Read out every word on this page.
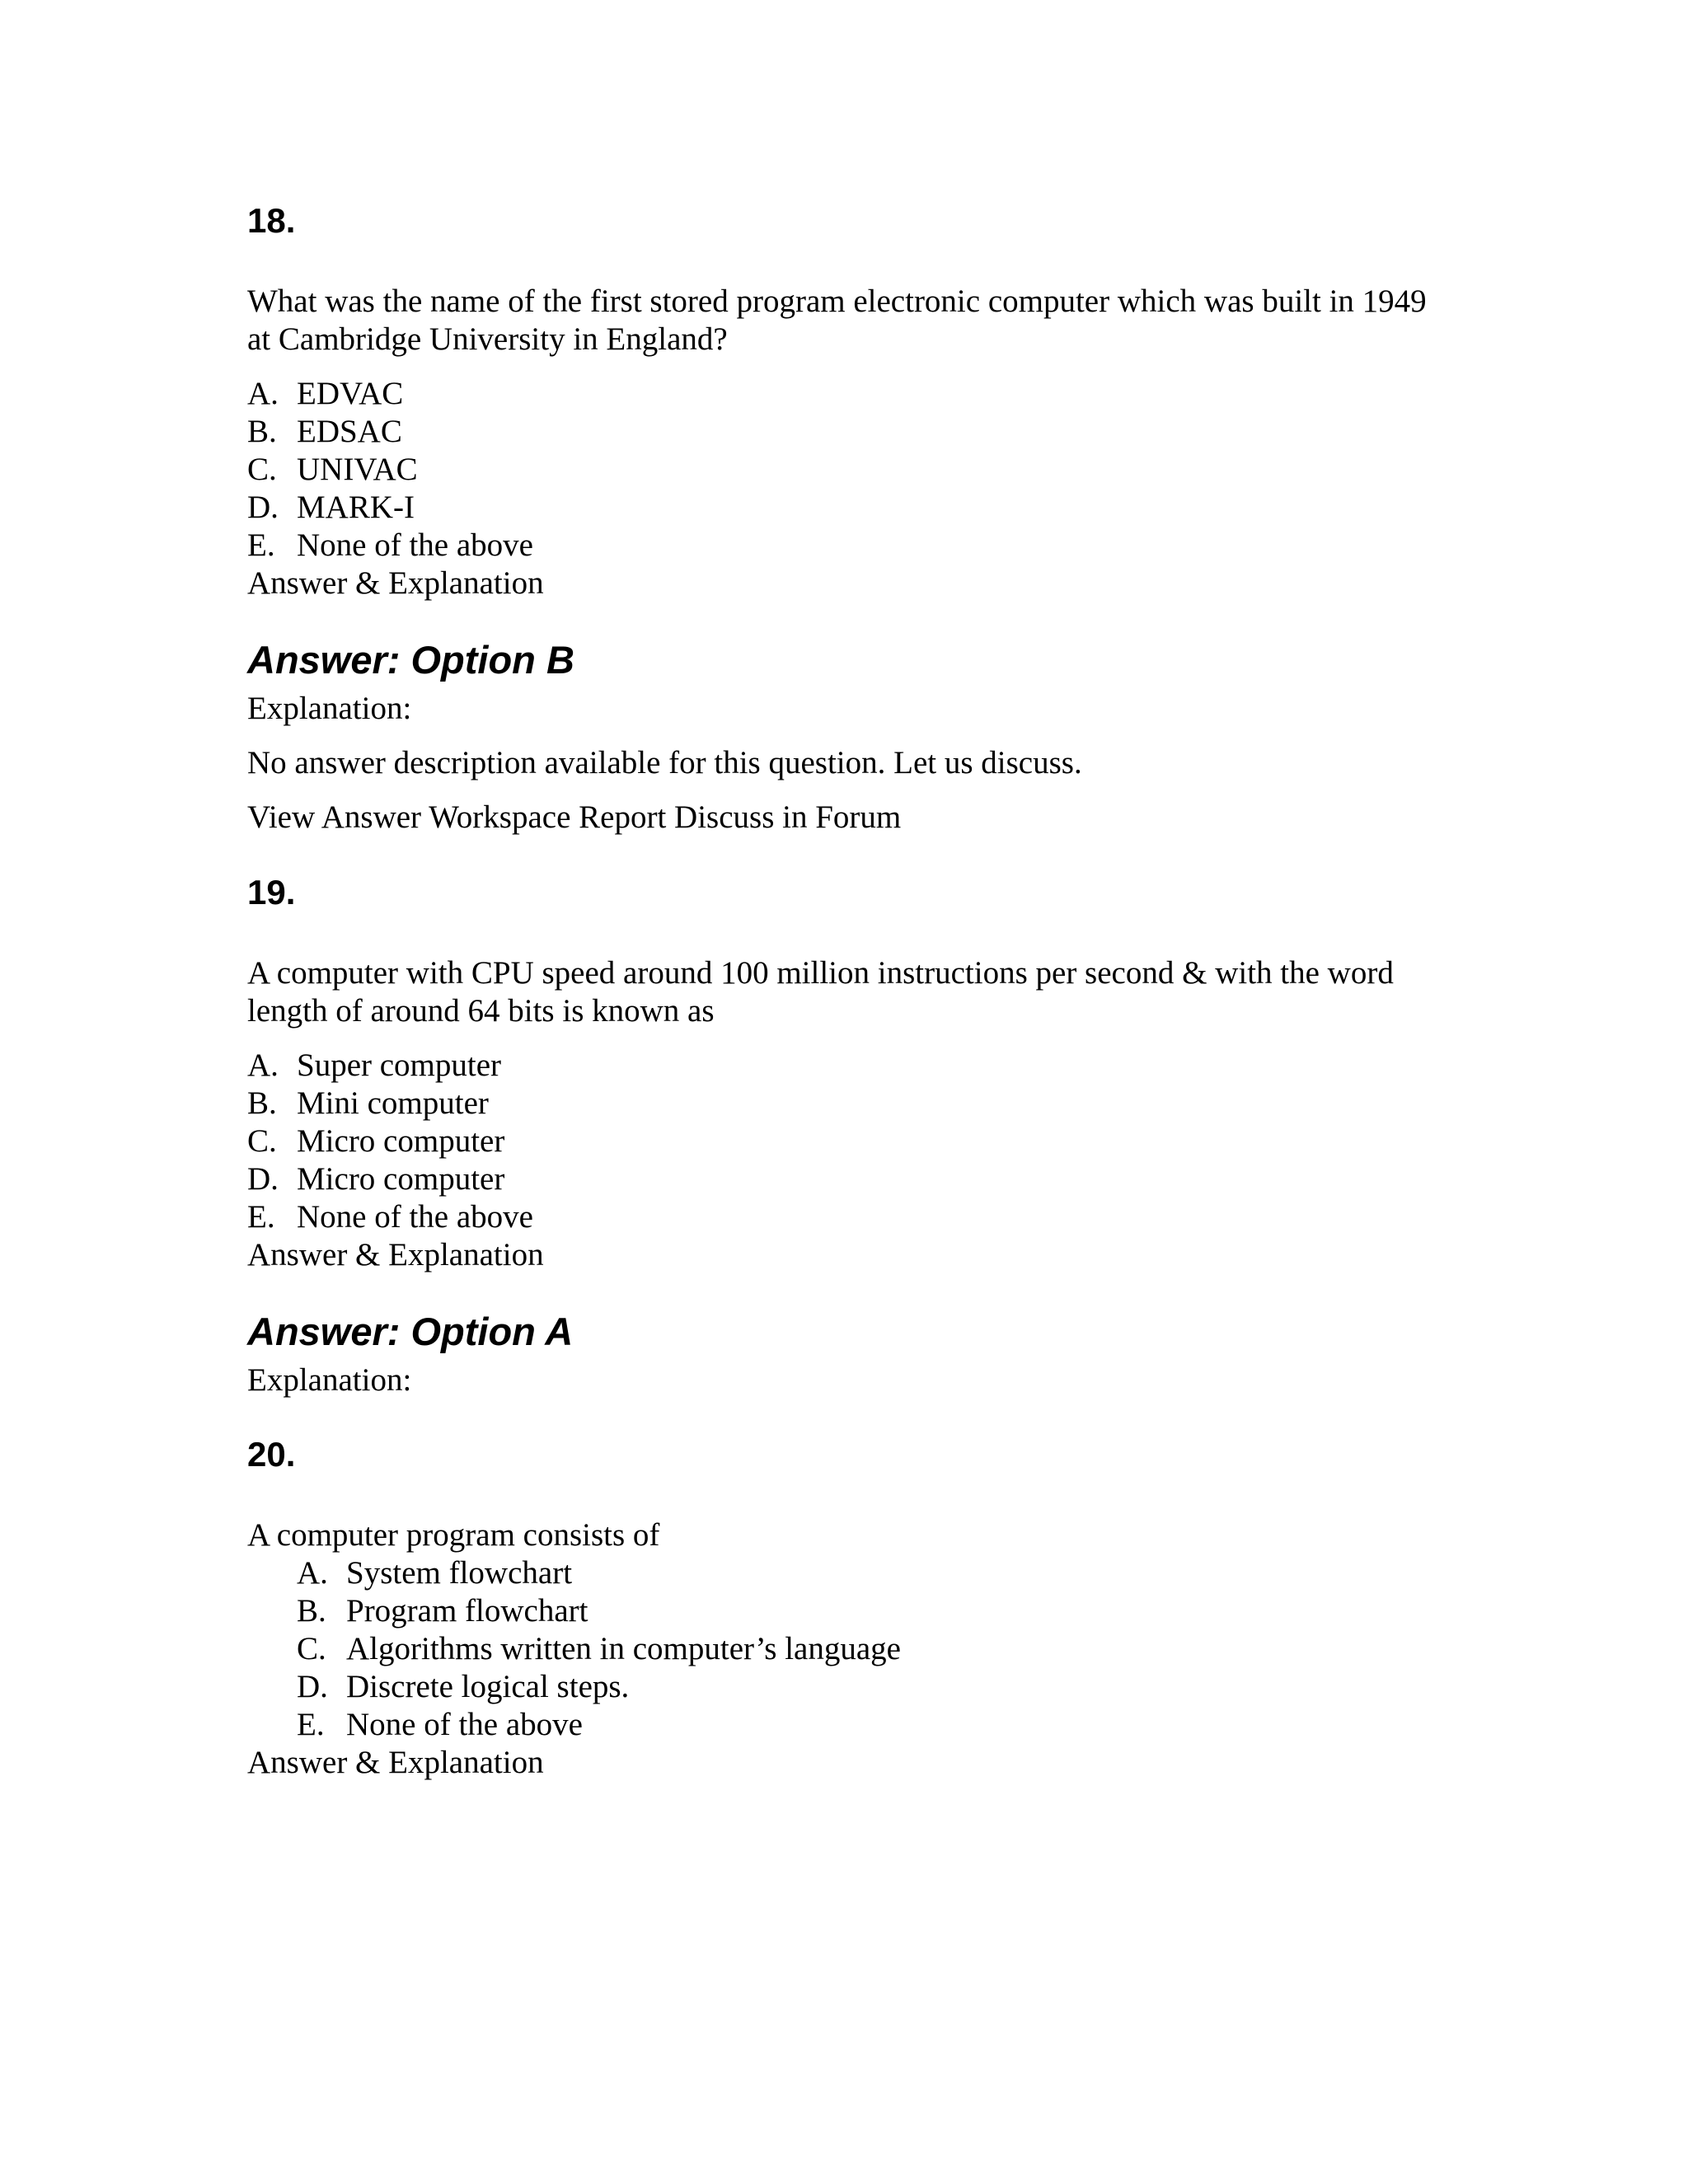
18.
What was the name of the first stored program electronic computer which was built in 1949 at Cambridge University in England?
A. EDVAC
B. EDSAC
C. UNIVAC
D. MARK-I
E. None of the above
Answer & Explanation
Answer: Option B
Explanation:
No answer description available for this question. Let us discuss.
View Answer Workspace Report Discuss in Forum
19.
A computer with CPU speed around 100 million instructions per second & with the word length of around 64 bits is known as
A. Super computer
B. Mini computer
C. Micro computer
D. Micro computer
E. None of the above
Answer & Explanation
Answer: Option A
Explanation:
20.
A computer program consists of
A. System flowchart
B. Program flowchart
C. Algorithms written in computer’s language
D. Discrete logical steps.
E. None of the above
Answer & Explanation
